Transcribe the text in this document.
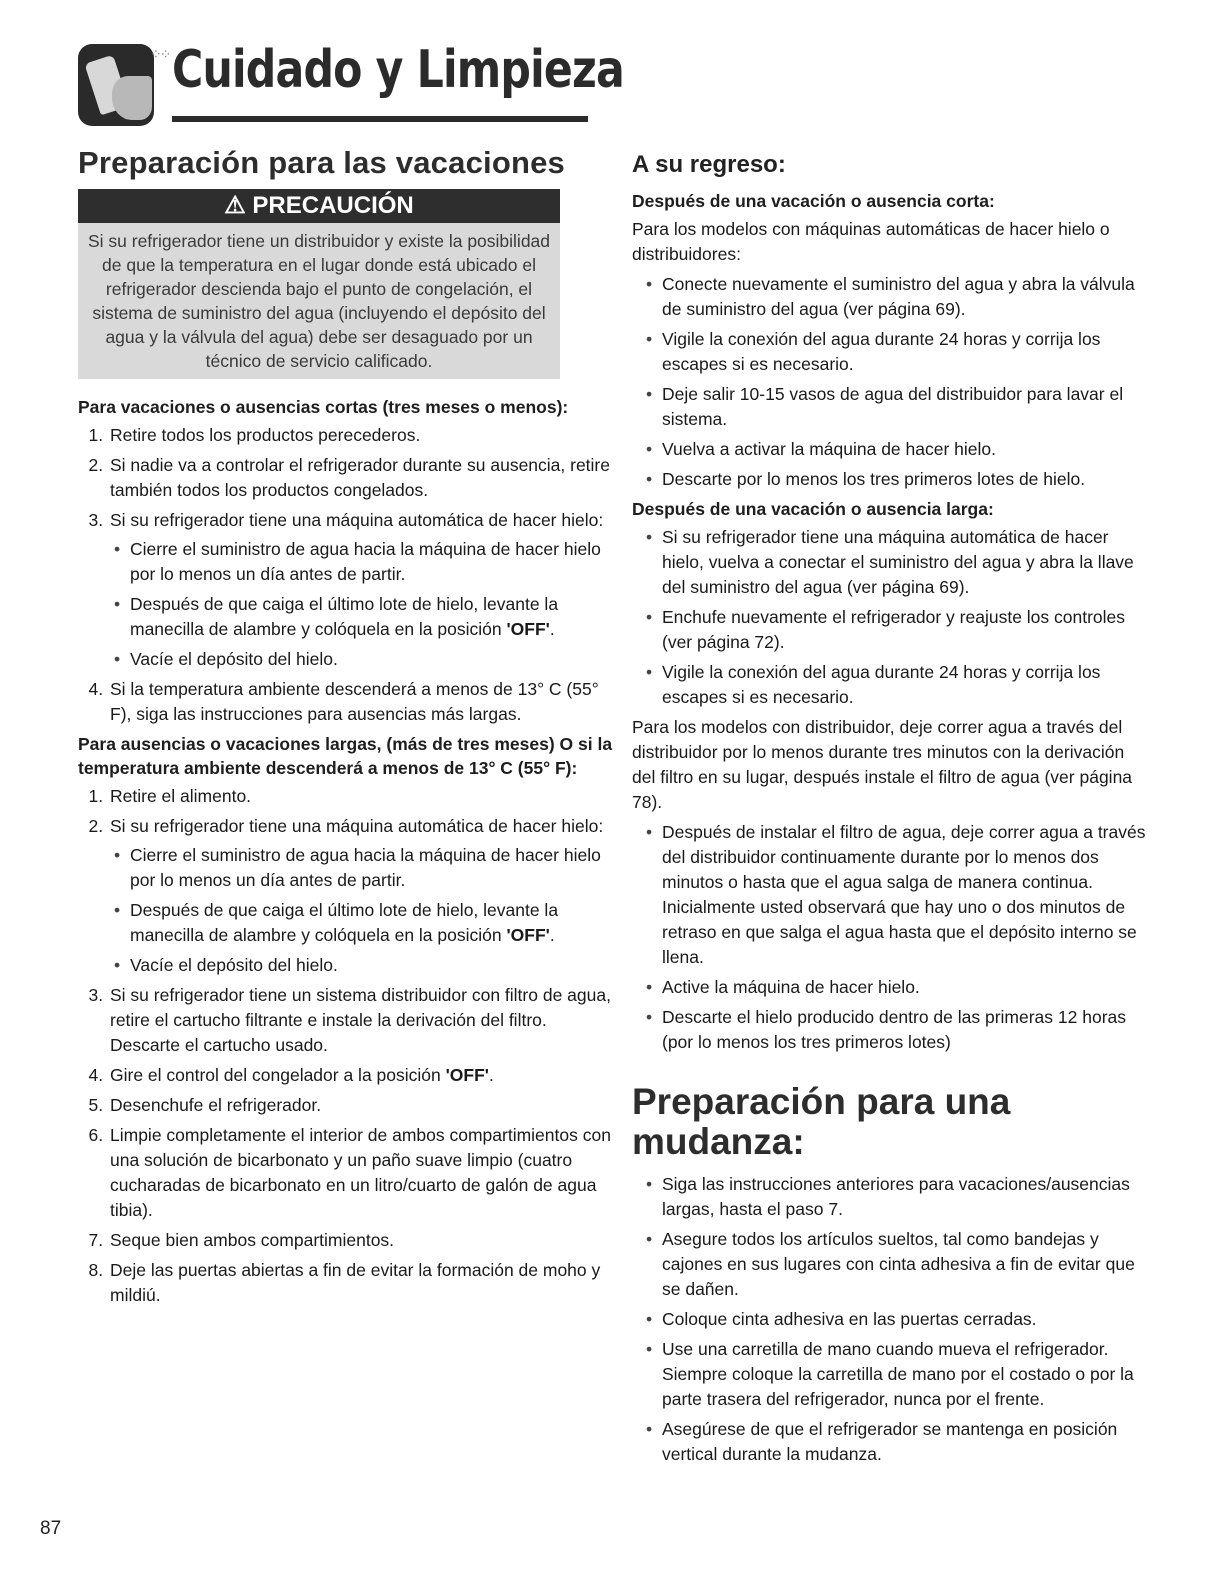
⁘⁘ Cuidado y Limpieza
Preparación para las vacaciones
⚠ PRECAUCIÓN
Si su refrigerador tiene un distribuidor y existe la posibilidad de que la temperatura en el lugar donde está ubicado el refrigerador descienda bajo el punto de congelación, el sistema de suministro del agua (incluyendo el depósito del agua y la válvula del agua) debe ser desaguado por un técnico de servicio calificado.
Para vacaciones o ausencias cortas (tres meses o menos):
1. Retire todos los productos perecederos.
2. Si nadie va a controlar el refrigerador durante su ausencia, retire también todos los productos congelados.
3. Si su refrigerador tiene una máquina automática de hacer hielo:
• Cierre el suministro de agua hacia la máquina de hacer hielo por lo menos un día antes de partir.
• Después de que caiga el último lote de hielo, levante la manecilla de alambre y colóquela en la posición 'OFF'.
• Vacíe el depósito del hielo.
4. Si la temperatura ambiente descenderá a menos de 13° C (55° F), siga las instrucciones para ausencias más largas.
Para ausencias o vacaciones largas, (más de tres meses) O si la temperatura ambiente descenderá a menos de 13° C (55° F):
1. Retire el alimento.
2. Si su refrigerador tiene una máquina automática de hacer hielo:
• Cierre el suministro de agua hacia la máquina de hacer hielo por lo menos un día antes de partir.
• Después de que caiga el último lote de hielo, levante la manecilla de alambre y colóquela en la posición 'OFF'.
• Vacíe el depósito del hielo.
3. Si su refrigerador tiene un sistema distribuidor con filtro de agua, retire el cartucho filtrante e instale la derivación del filtro. Descarte el cartucho usado.
4. Gire el control del congelador a la posición 'OFF'.
5. Desenchufe el refrigerador.
6. Limpie completamente el interior de ambos compartimientos con una solución de bicarbonato y un paño suave limpio (cuatro cucharadas de bicarbonato en un litro/cuarto de galón de agua tibia).
7. Seque bien ambos compartimientos.
8. Deje las puertas abiertas a fin de evitar la formación de moho y mildiú.
A su regreso:
Después de una vacación o ausencia corta:

Para los modelos con máquinas automáticas de hacer hielo o distribuidores:

• Conecte nuevamente el suministro del agua y abra la válvula de suministro del agua (ver página 69).
• Vigile la conexión del agua durante 24 horas y corrija los escapes si es necesario.
• Deje salir 10-15 vasos de agua del distribuidor para lavar el sistema.
• Vuelva a activar la máquina de hacer hielo.
• Descarte por lo menos los tres primeros lotes de hielo.
Después de una vacación o ausencia larga:
• Si su refrigerador tiene una máquina automática de hacer hielo, vuelva a conectar el suministro del agua y abra la llave del suministro del agua (ver página 69).
• Enchufe nuevamente el refrigerador y reajuste los controles (ver página 72).
• Vigile la conexión del agua durante 24 horas y corrija los escapes si es necesario.

Para los modelos con distribuidor, deje correr agua a través del distribuidor por lo menos durante tres minutos con la derivación del filtro en su lugar, después instale el filtro de agua (ver página 78).

• Después de instalar el filtro de agua, deje correr agua a través del distribuidor continuamente durante por lo menos dos minutos o hasta que el agua salga de manera continua. Inicialmente usted observará que hay uno o dos minutos de retraso en que salga el agua hasta que el depósito interno se llena.
• Active la máquina de hacer hielo.
• Descarte el hielo producido dentro de las primeras 12 horas (por lo menos los tres primeros lotes)
Preparación para una mudanza:
• Siga las instrucciones anteriores para vacaciones/ausencias largas, hasta el paso 7.
• Asegure todos los artículos sueltos, tal como bandejas y cajones en sus lugares con cinta adhesiva a fin de evitar que se dañen.
• Coloque cinta adhesiva en las puertas cerradas.
• Use una carretilla de mano cuando mueva el refrigerador. Siempre coloque la carretilla de mano por el costado o por la parte trasera del refrigerador, nunca por el frente.
• Asegúrese de que el refrigerador se mantenga en posición vertical durante la mudanza.
87
